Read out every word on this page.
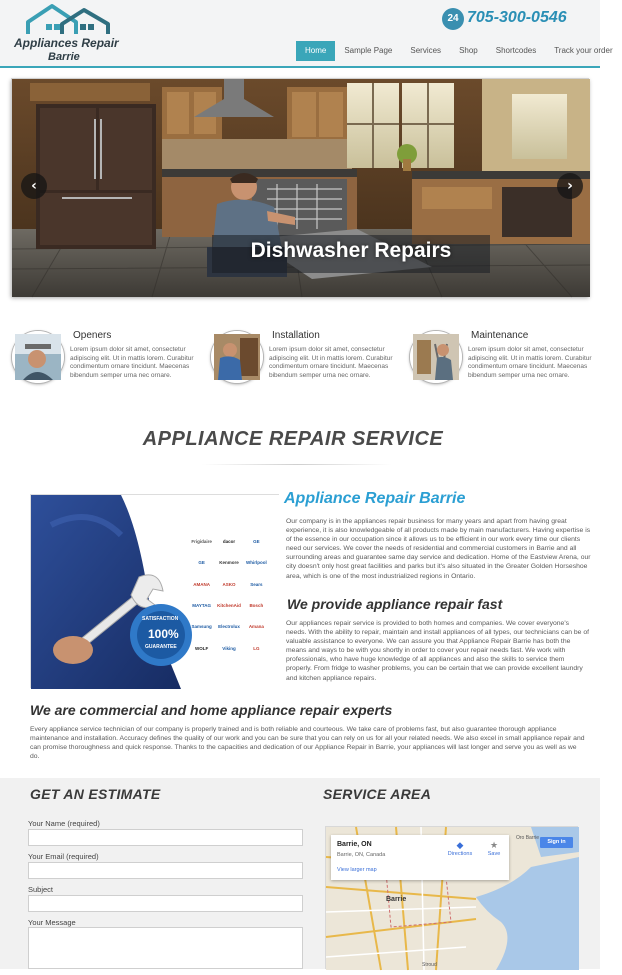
Appliances Repair
Barrie
24 705-300-0546
Home	Sample Page	Services	Shop	Shortcodes	Track your order
‹	›
Dishwasher Repairs
Openers
Lorem ipsum dolor sit amet, consectetur adipiscing elit. Ut in mattis lorem. Curabitur condimentum ornare tincidunt. Maecenas bibendum semper urna nec ornare.
Installation
Lorem ipsum dolor sit amet, consectetur adipiscing elit. Ut in mattis lorem. Curabitur condimentum ornare tincidunt. Maecenas bibendum semper urna nec ornare.
Maintenance
Lorem ipsum dolor sit amet, consectetur adipiscing elit. Ut in mattis lorem. Curabitur condimentum ornare tincidunt. Maecenas bibendum semper urna nec ornare.
APPLIANCE REPAIR SERVICE
SATISFACTION
100%
GUARANTEE
Frigidaire	dacor	GE
GE	Kenmore	Whirlpool
AMANA	ASKO	Sears
MAYTAG	KitchenAid	Bosch
Samsung	Electrolux	Amana
WOLF	Viking	LG
Appliance Repair Barrie
Our company is in the appliances repair business for many years and apart from having great experience, it is also knowledgeable of all products made by main manufacturers. Having expertise is of the essence in our occupation since it allows us to be efficient in our work every time our clients need our services. We cover the needs of residential and commercial customers in Barrie and all surrounding areas and guarantee same day service and dedication. Home of the Eastview Arena, our city doesn't only host great facilities and parks but it's also situated in the Greater Golden Horseshoe area, which is one of the most industrialized regions in Ontario.
We provide appliance repair fast
Our appliances repair service is provided to both homes and companies. We cover everyone's needs. With the ability to repair, maintain and install appliances of all types, our technicians can be of valuable assistance to everyone. We can assure you that Appliance Repair Barrie has both the means and ways to be with you shortly in order to cover your repair needs fast. We work with professionals, who have huge knowledge of all appliances and also the skills to service them properly. From fridge to washer problems, you can be certain that we can provide excellent laundry and kitchen appliance repairs.
We are commercial and home appliance repair experts
Every appliance service technician of our company is properly trained and is both reliable and courteous. We take care of problems fast, but also guarantee thorough appliance maintenance and installation. Accuracy defines the quality of our work and you can be sure that you can rely on us for all your related needs. We also excel in small appliance repair and can promise thoroughness and quick response. Thanks to the capacities and dedication of our Appliance Repair in Barrie, your appliances will last longer and serve you as well as we do.
GET AN ESTIMATE	SERVICE AREA
Your Name (required)
Your Email (required)
Subject
Your Message
Barrie, ON
Barrie, ON, Canada
View larger map
◆
Directions
★
Save
Sign in
Oro Barrie
Barrie
Stroud
